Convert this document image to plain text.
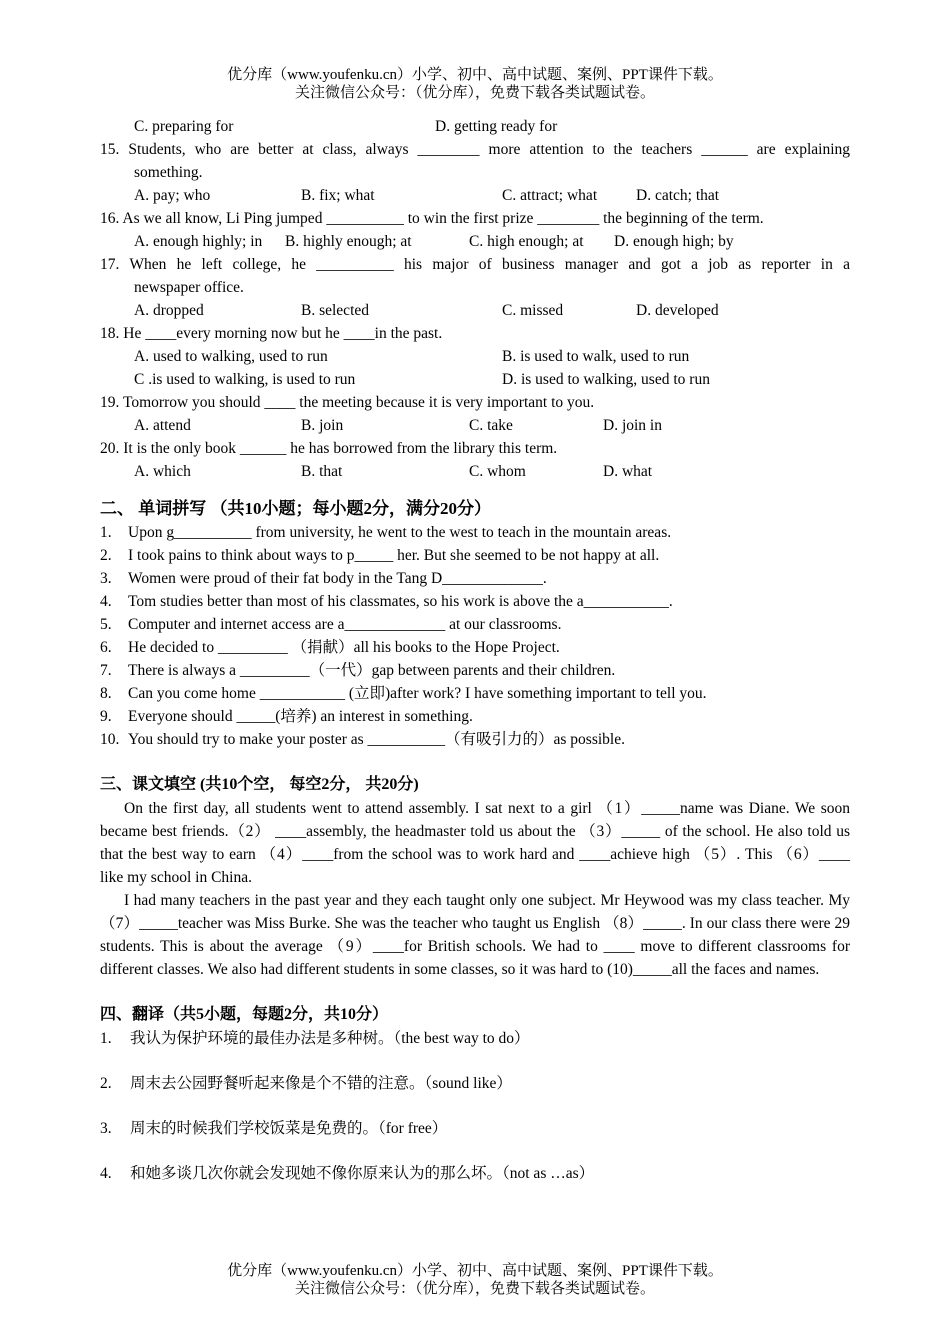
优分库（www.youfenku.cn）小学、初中、高中试题、案例、PPT课件下载。
关注微信公众号：（优分库），免费下载各类试题试卷。
C. preparing for	D. getting ready for
15. Students, who are better at class, always ________ more attention to the teachers ______ are explaining
something.
A. pay; who	B. fix; what	C. attract; what	D. catch; that
16. As we all know, Li Ping jumped __________ to win the first prize ________ the beginning of the term.
A. enough highly; in	B. highly enough; at	C. high enough; at	D. enough high; by
17. When he left college, he __________ his major of business manager and got a job as reporter in a
newspaper office.
A. dropped	B. selected	C. missed	D. developed
18. He ____every morning now but he ____in the past.
A. used to walking, used to run	B. is used to walk, used to run
C .is used to walking, is used to run	D. is used to walking, used to run
19. Tomorrow you should ____ the meeting because it is very important to you.
A. attend	B. join	C. take	D. join in
20. It is the only book ______ he has borrowed from the library this term.
A. which	B. that	C. whom	D. what
二、 单词拼写 （共10小题；每小题2分，满分20分）
1.	Upon g__________ from university, he went to the west to teach in the mountain areas.
2.	I took pains to think about ways to p_____ her. But she seemed to be not happy at all.
3.	Women were proud of their fat body in the Tang D_____________.
4.	Tom studies better than most of his classmates, so his work is above the a___________.
5.	Computer and internet access are a_____________ at our classrooms.
6.	He decided to _________ （捐献）all his books to the Hope Project.
7.	There is always a _________（一代）gap between parents and their children.
8.	Can you come home ___________ (立即)after work? I have something important to tell you.
9.	Everyone should _____(培养) an interest in something.
10. You should try to make your poster as __________（有吸引力的）as possible.
三、课文填空 (共10个空， 每空2分， 共20分)
On the first day, all students went to attend assembly. I sat next to a girl （1）_____name was Diane. We soon became best friends.（2） ____assembly, the headmaster told us about the （3）_____ of the school. He also told us that the best way to earn （4）____from the school was to work hard and ____achieve high （5）. This （6）____ like my school in China.
I had many teachers in the past year and they each taught only one subject. Mr Heywood was my class teacher. My（7）_____teacher was Miss Burke. She was the teacher who taught us English （8）_____. In our class there were 29 students. This is about the average （9）____for British schools. We had to ____ move to different classrooms for different classes. We also had different students in some classes, so it was hard to (10)_____all the faces and names.
四、翻译（共5小题，每题2分，共10分）
1.	我认为保护环境的最佳办法是多种树。（the best way to do）
2.	周末去公园野餐听起来像是个不错的注意。（sound like）
3.	周末的时候我们学校饭菜是免费的。（for free）
4.	和她多谈几次你就会发现她不像你原来认为的那么坏。（not as …as）
优分库（www.youfenku.cn）小学、初中、高中试题、案例、PPT课件下载。
关注微信公众号：（优分库），免费下载各类试题试卷。
